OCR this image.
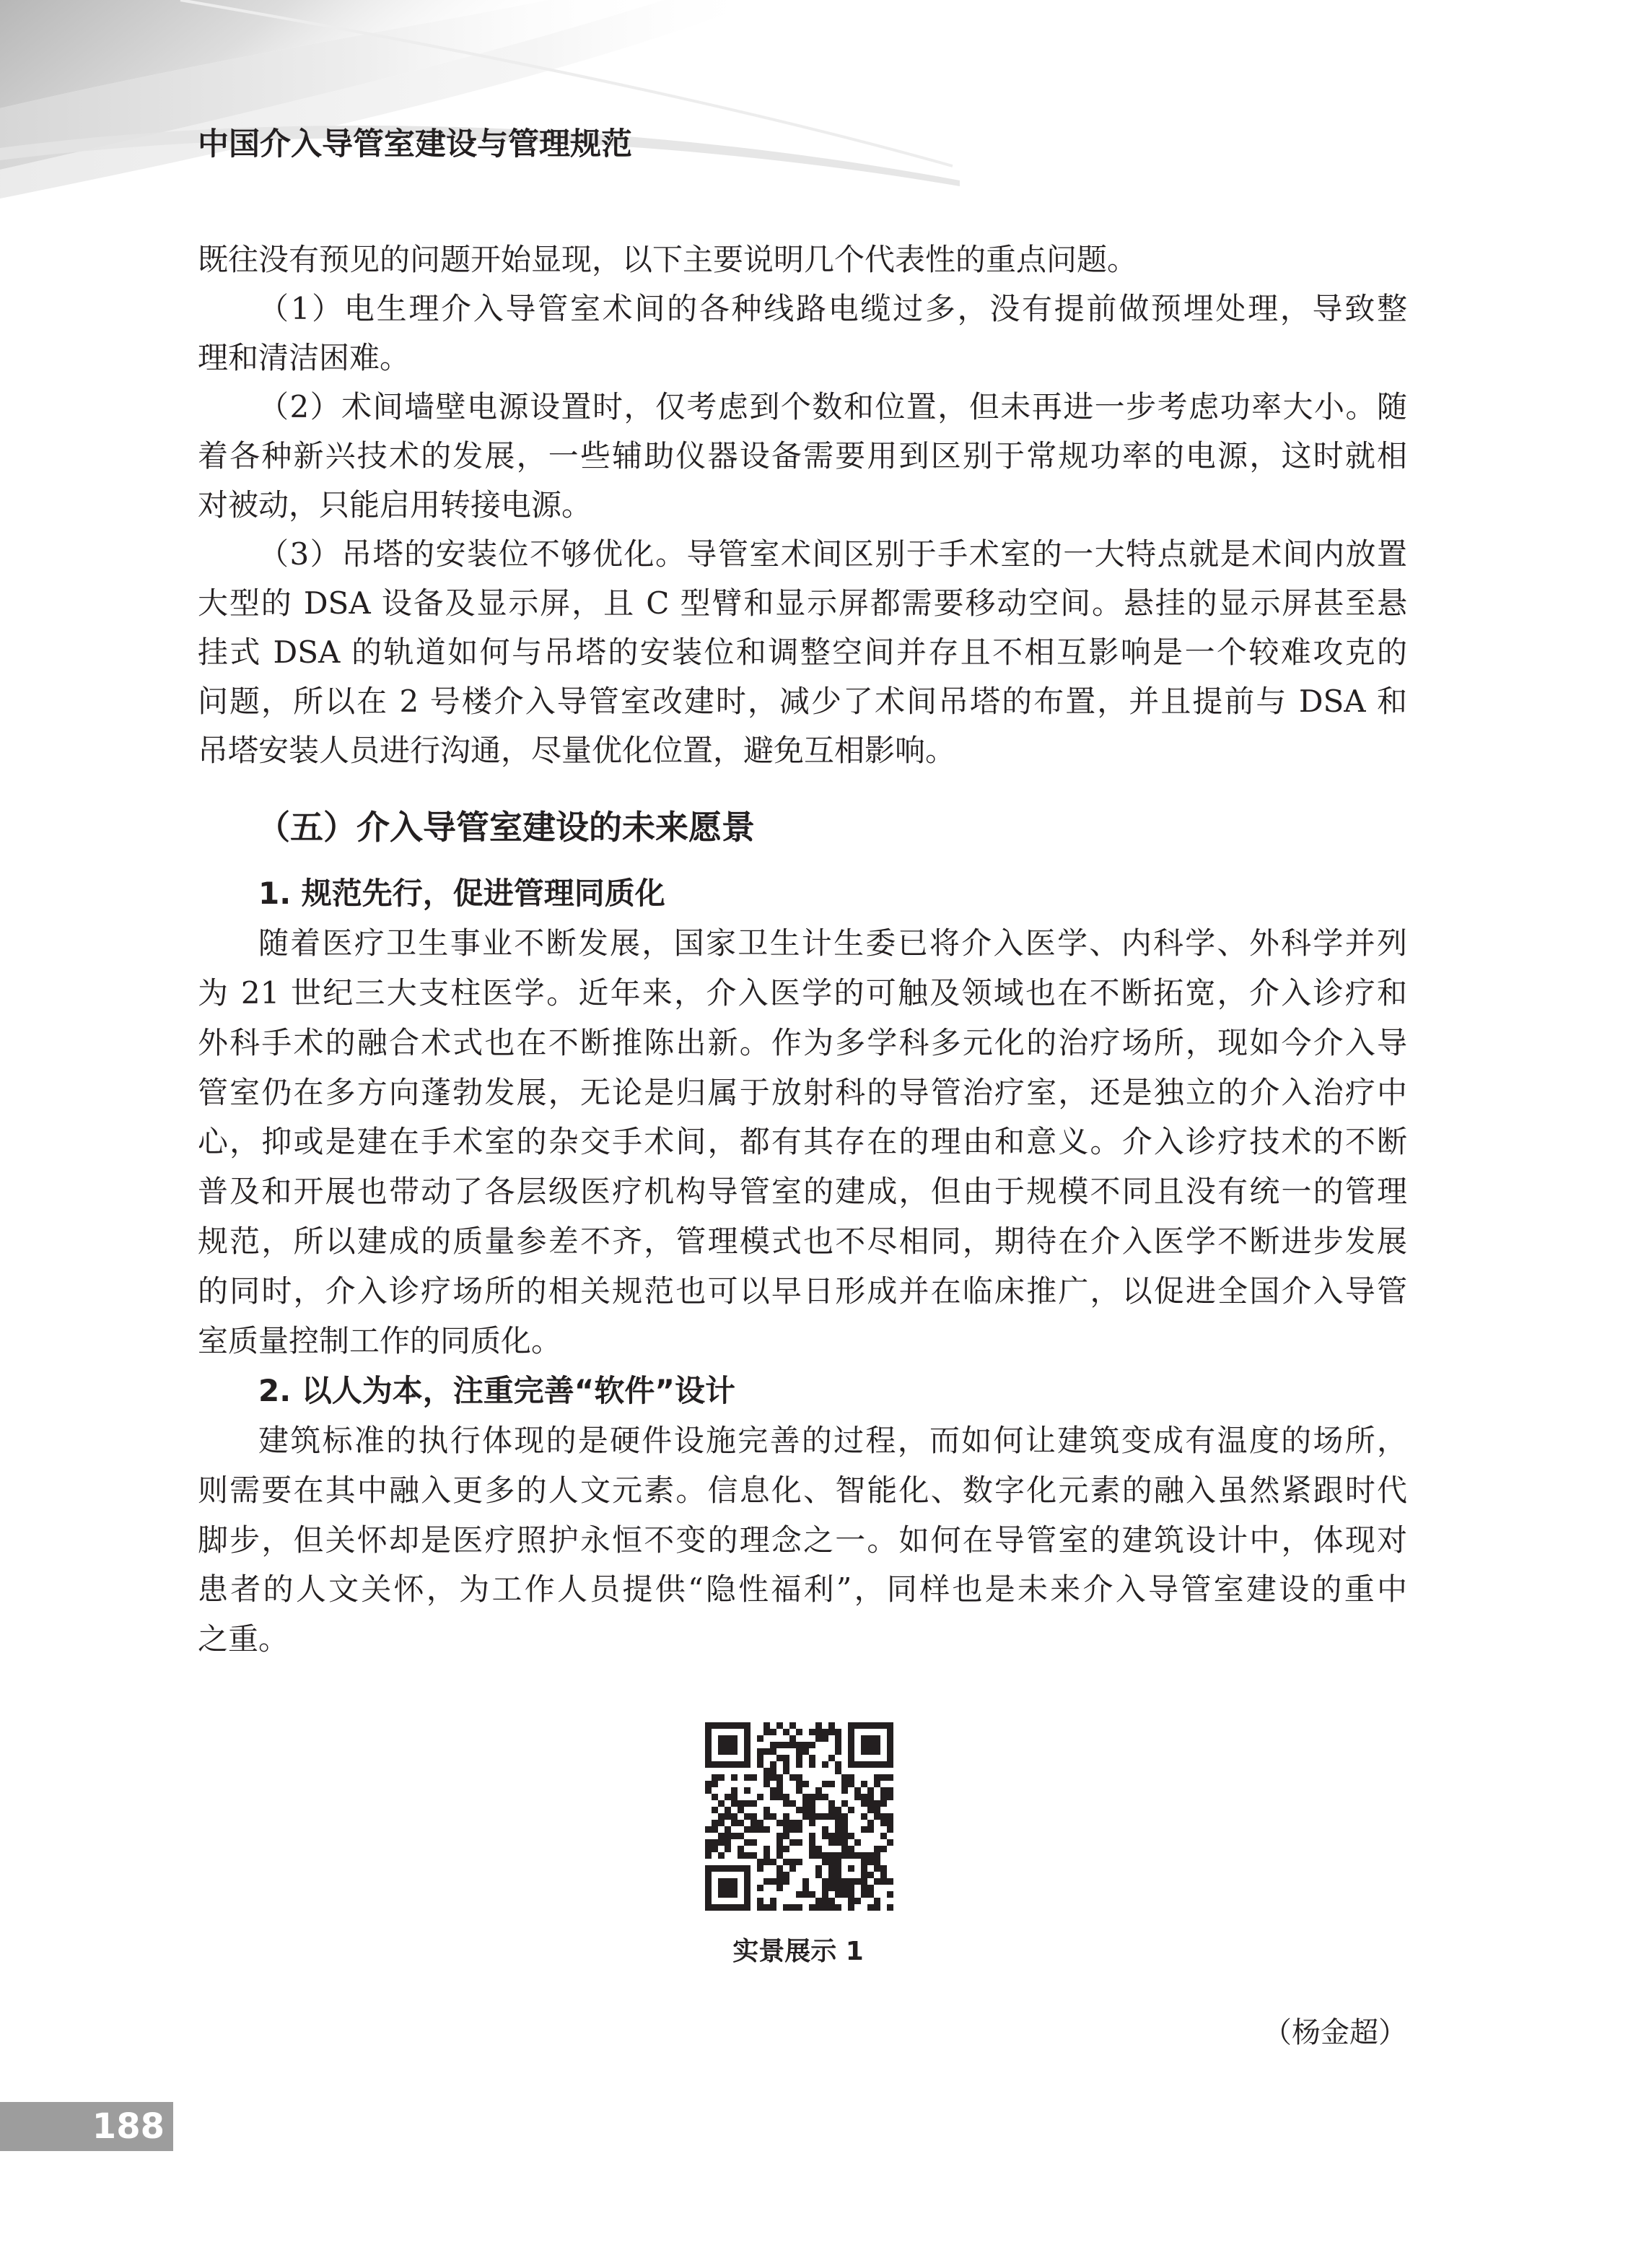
中国介入导管室建设与管理规范
既往没有预见的问题开始显现，以下主要说明几个代表性的重点问题。
（1）电生理介入导管室术间的各种线路电缆过多，没有提前做预埋处理，导致整
理和清洁困难。
（2）术间墙壁电源设置时，仅考虑到个数和位置，但未再进一步考虑功率大小。随
着各种新兴技术的发展，一些辅助仪器设备需要用到区别于常规功率的电源，这时就相
对被动，只能启用转接电源。
（3）吊塔的安装位不够优化。导管室术间区别于手术室的一大特点就是术间内放置
大型的 DSA 设备及显示屏，且 C 型臂和显示屏都需要移动空间。悬挂的显示屏甚至悬
挂式 DSA 的轨道如何与吊塔的安装位和调整空间并存且不相互影响是一个较难攻克的
问题，所以在 2 号楼介入导管室改建时，减少了术间吊塔的布置，并且提前与 DSA 和
吊塔安装人员进行沟通，尽量优化位置，避免互相影响。
（五）介入导管室建设的未来愿景
1. 规范先行，促进管理同质化
随着医疗卫生事业不断发展，国家卫生计生委已将介入医学、内科学、外科学并列
为 21 世纪三大支柱医学。近年来，介入医学的可触及领域也在不断拓宽，介入诊疗和
外科手术的融合术式也在不断推陈出新。作为多学科多元化的治疗场所，现如今介入导
管室仍在多方向蓬勃发展，无论是归属于放射科的导管治疗室，还是独立的介入治疗中
心，抑或是建在手术室的杂交手术间，都有其存在的理由和意义。介入诊疗技术的不断
普及和开展也带动了各层级医疗机构导管室的建成，但由于规模不同且没有统一的管理
规范，所以建成的质量参差不齐，管理模式也不尽相同，期待在介入医学不断进步发展
的同时，介入诊疗场所的相关规范也可以早日形成并在临床推广，以促进全国介入导管
室质量控制工作的同质化。
2. 以人为本，注重完善“软件”设计
建筑标准的执行体现的是硬件设施完善的过程，而如何让建筑变成有温度的场所，
则需要在其中融入更多的人文元素。信息化、智能化、数字化元素的融入虽然紧跟时代
脚步，但关怀却是医疗照护永恒不变的理念之一。如何在导管室的建筑设计中，体现对
患者的人文关怀，为工作人员提供“隐性福利”，同样也是未来介入导管室建设的重中
之重。
实景展示 1
（杨金超）
188
